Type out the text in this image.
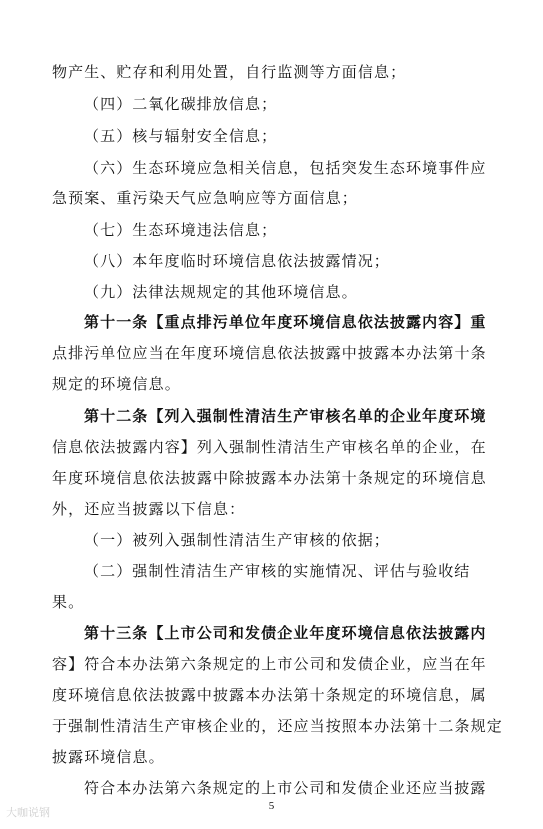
物产生、贮存和利用处置，自行监测等方面信息；
（四）二氧化碳排放信息；
（五）核与辐射安全信息；
（六）生态环境应急相关信息，包括突发生态环境事件应
急预案、重污染天气应急响应等方面信息；
（七）生态环境违法信息；
（八）本年度临时环境信息依法披露情况；
（九）法律法规规定的其他环境信息。
第十一条【重点排污单位年度环境信息依法披露内容】重
点排污单位应当在年度环境信息依法披露中披露本办法第十条
规定的环境信息。
第十二条【列入强制性清洁生产审核名单的企业年度环境
信息依法披露内容】列入强制性清洁生产审核名单的企业，在
年度环境信息依法披露中除披露本办法第十条规定的环境信息
外，还应当披露以下信息：
（一）被列入强制性清洁生产审核的依据；
（二）强制性清洁生产审核的实施情况、评估与验收结
果。
第十三条【上市公司和发债企业年度环境信息依法披露内
容】符合本办法第六条规定的上市公司和发债企业，应当在年
度环境信息依法披露中披露本办法第十条规定的环境信息，属
于强制性清洁生产审核企业的，还应当按照本办法第十二条规定
披露环境信息。
符合本办法第六条规定的上市公司和发债企业还应当披露
5
大咖说钢
